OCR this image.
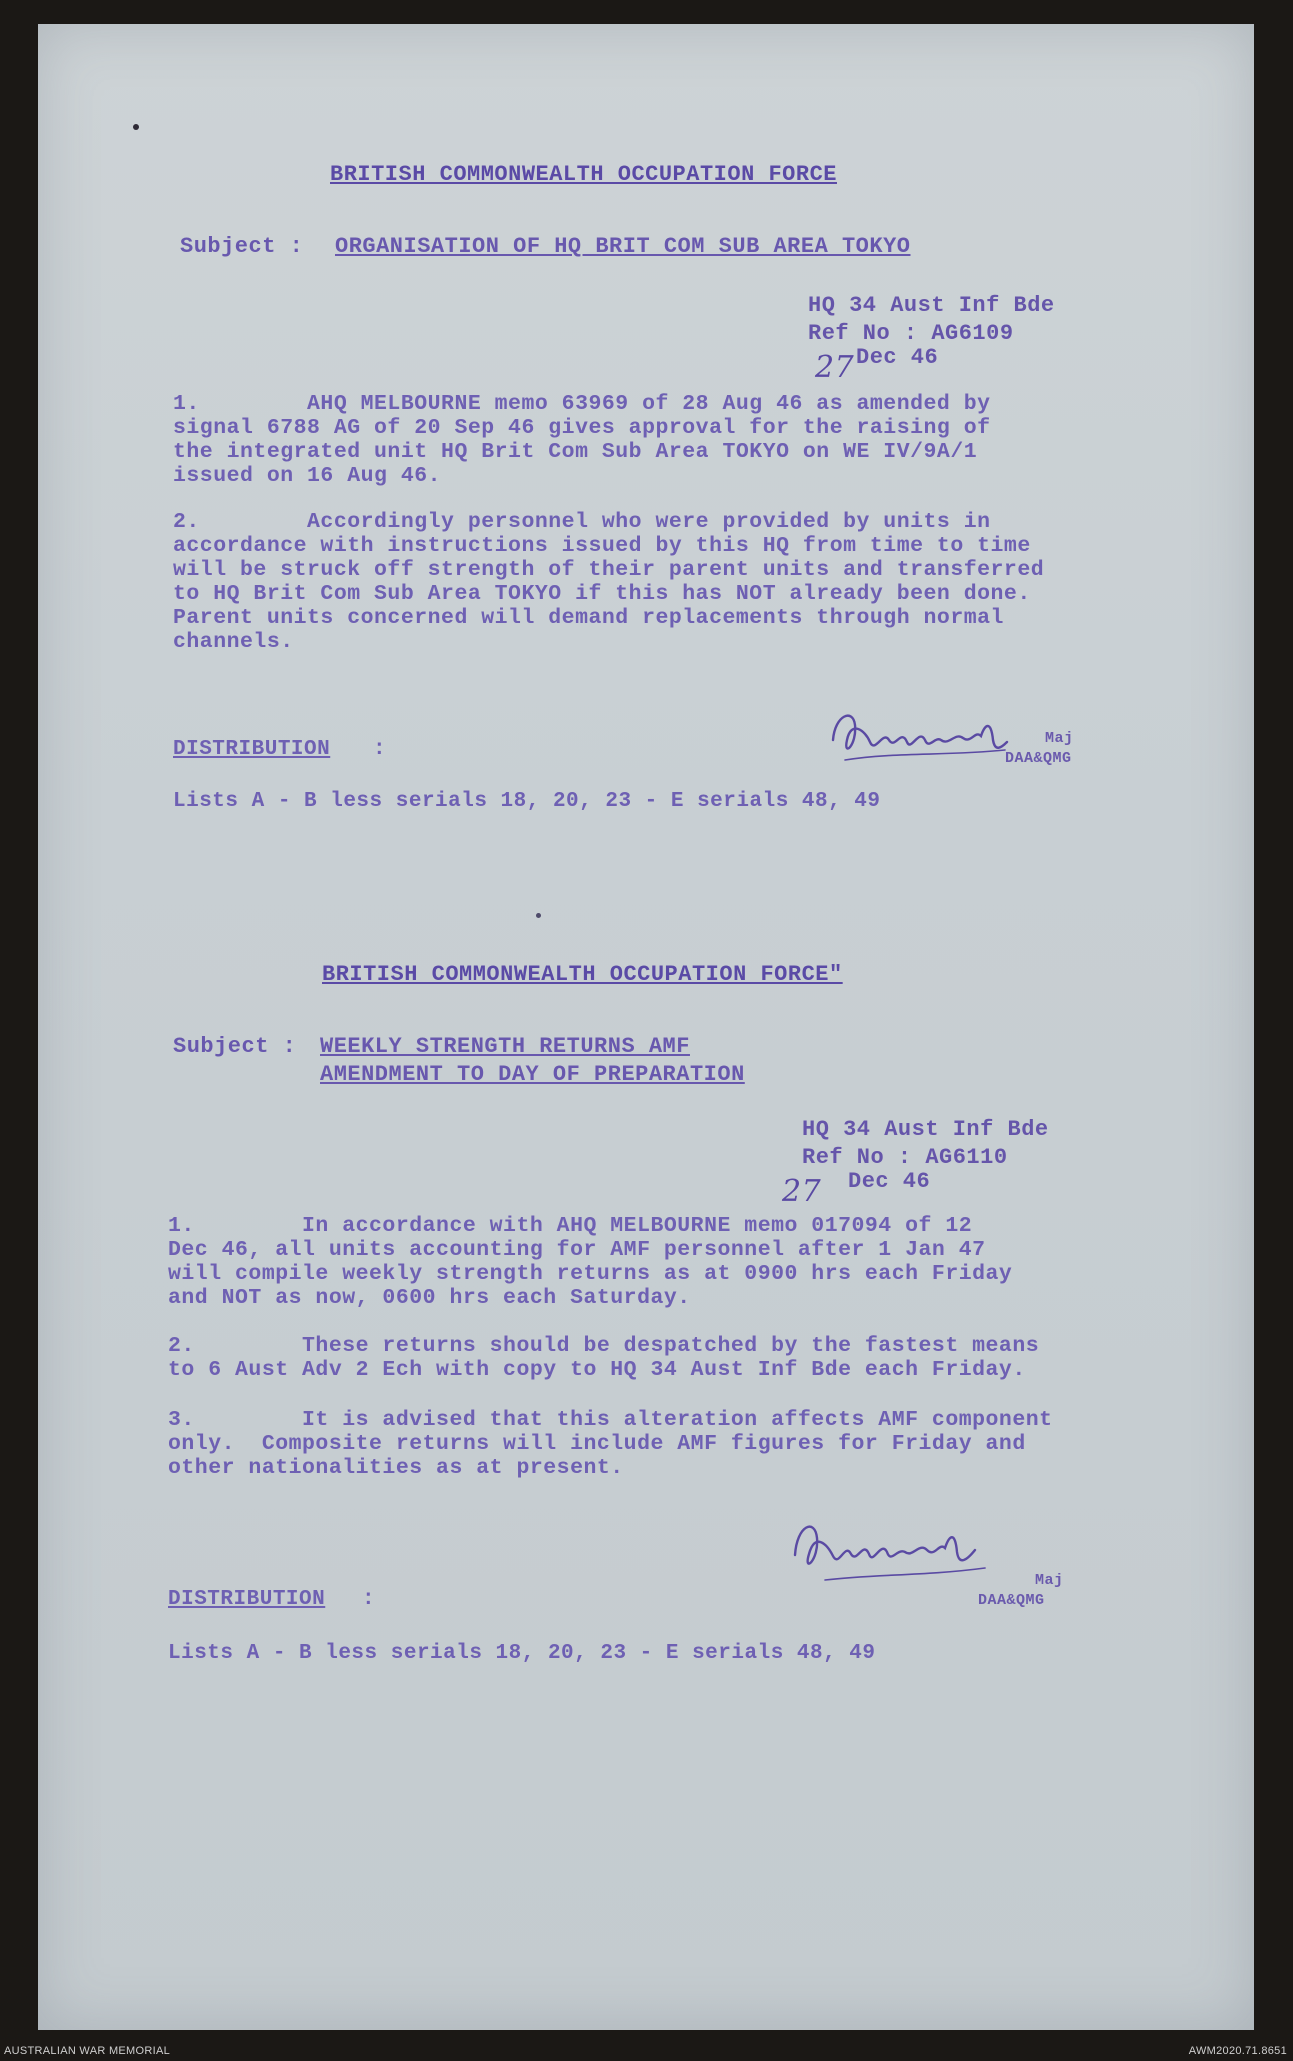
BRITISH COMMONWEALTH OCCUPATION FORCE
Subject : ORGANISATION OF HQ BRIT COM SUB AREA TOKYO
HQ 34 Aust Inf Bde
Ref No : AG6109
27 Dec 46
1.        AHQ MELBOURNE memo 63969 of 28 Aug 46 as amended by
signal 6788 AG of 20 Sep 46 gives approval for the raising of
the integrated unit HQ Brit Com Sub Area TOKYO on WE IV/9A/1
issued on 16 Aug 46.
2.        Accordingly personnel who were provided by units in
accordance with instructions issued by this HQ from time to time
will be struck off strength of their parent units and transferred
to HQ Brit Com Sub Area TOKYO if this has NOT already been done.
Parent units concerned will demand replacements through normal
channels.
Maj
DAA&QMG
DISTRIBUTION :
Lists A - B less serials 18, 20, 23 - E serials 48, 49
BRITISH COMMONWEALTH OCCUPATION FORCE"
Subject : WEEKLY STRENGTH RETURNS AMF
AMENDMENT TO DAY OF PREPARATION
HQ 34 Aust Inf Bde
Ref No : AG6110
27 Dec 46
1.        In accordance with AHQ MELBOURNE memo 017094 of 12
Dec 46, all units accounting for AMF personnel after 1 Jan 47
will compile weekly strength returns as at 0900 hrs each Friday
and NOT as now, 0600 hrs each Saturday.
2.        These returns should be despatched by the fastest means
to 6 Aust Adv 2 Ech with copy to HQ 34 Aust Inf Bde each Friday.
3.        It is advised that this alteration affects AMF component
only.  Composite returns will include AMF figures for Friday and
other nationalities as at present.
Maj
DAA&QMG
DISTRIBUTION :
Lists A - B less serials 18, 20, 23 - E serials 48, 49
AUSTRALIAN WAR MEMORIAL	AWM2020.71.8651
